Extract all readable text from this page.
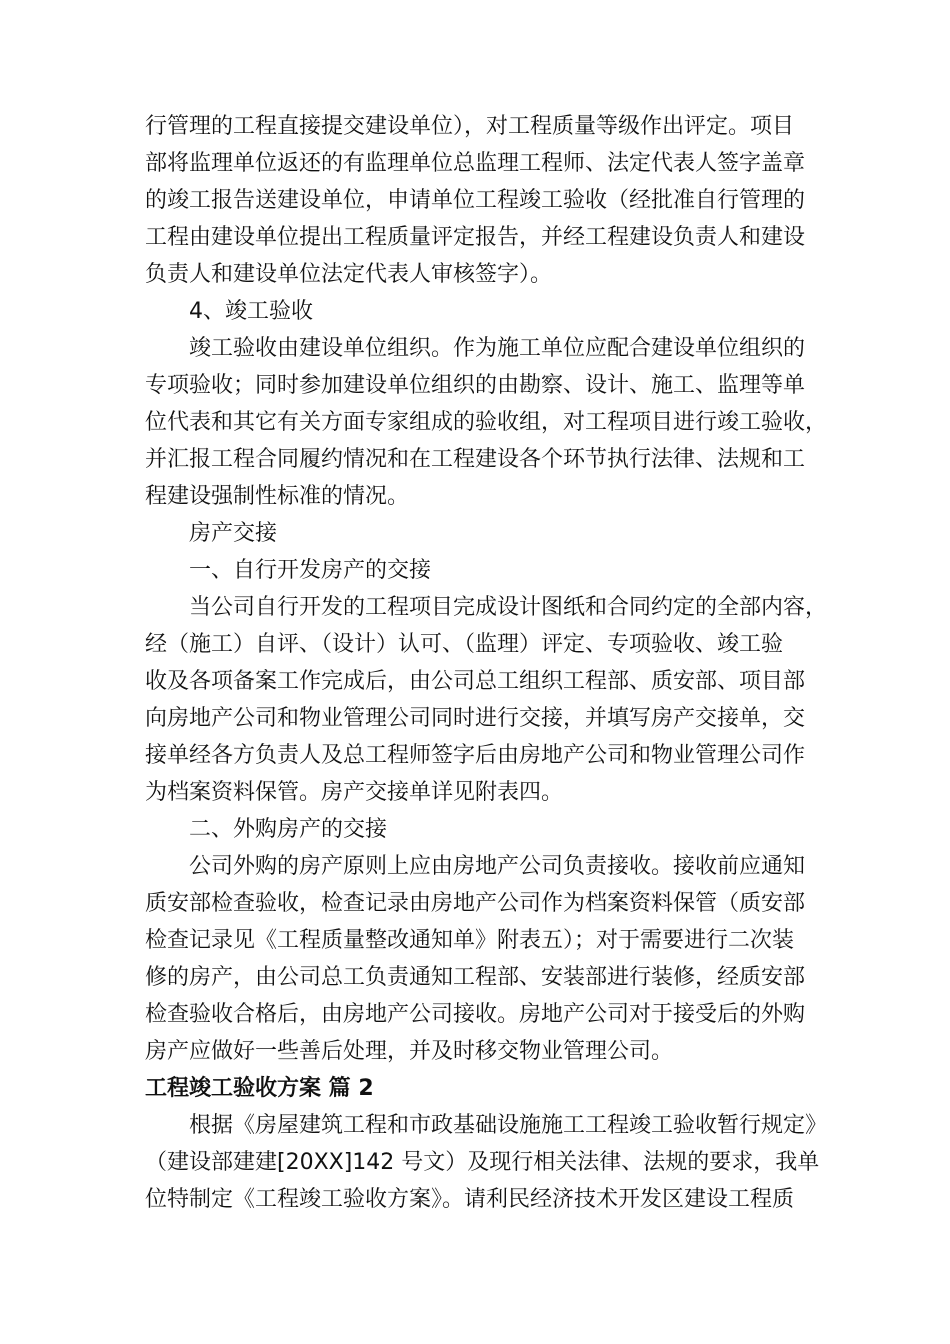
行管理的工程直接提交建设单位），对工程质量等级作出评定。项目
部将监理单位返还的有监理单位总监理工程师、法定代表人签字盖章
的竣工报告送建设单位，申请单位工程竣工验收（经批准自行管理的
工程由建设单位提出工程质量评定报告，并经工程建设负责人和建设
负责人和建设单位法定代表人审核签字）。
4、竣工验收
竣工验收由建设单位组织。作为施工单位应配合建设单位组织的
专项验收；同时参加建设单位组织的由勘察、设计、施工、监理等单
位代表和其它有关方面专家组成的验收组，对工程项目进行竣工验收，
并汇报工程合同履约情况和在工程建设各个环节执行法律、法规和工
程建设强制性标准的情况。
房产交接
一、自行开发房产的交接
当公司自行开发的工程项目完成设计图纸和合同约定的全部内容，
经（施工）自评、（设计）认可、（监理）评定、专项验收、竣工验
收及各项备案工作完成后，由公司总工组织工程部、质安部、项目部
向房地产公司和物业管理公司同时进行交接，并填写房产交接单，交
接单经各方负责人及总工程师签字后由房地产公司和物业管理公司作
为档案资料保管。房产交接单详见附表四。
二、外购房产的交接
公司外购的房产原则上应由房地产公司负责接收。接收前应通知
质安部检查验收，检查记录由房地产公司作为档案资料保管（质安部
检查记录见《工程质量整改通知单》附表五）；对于需要进行二次装
修的房产，由公司总工负责通知工程部、安装部进行装修，经质安部
检查验收合格后，由房地产公司接收。房地产公司对于接受后的外购
房产应做好一些善后处理，并及时移交物业管理公司。
工程竣工验收方案 篇 2
根据《房屋建筑工程和市政基础设施施工工程竣工验收暂行规定》
（建设部建建[20XX]142 号文）及现行相关法律、法规的要求，我单
位特制定《工程竣工验收方案》。请利民经济技术开发区建设工程质
